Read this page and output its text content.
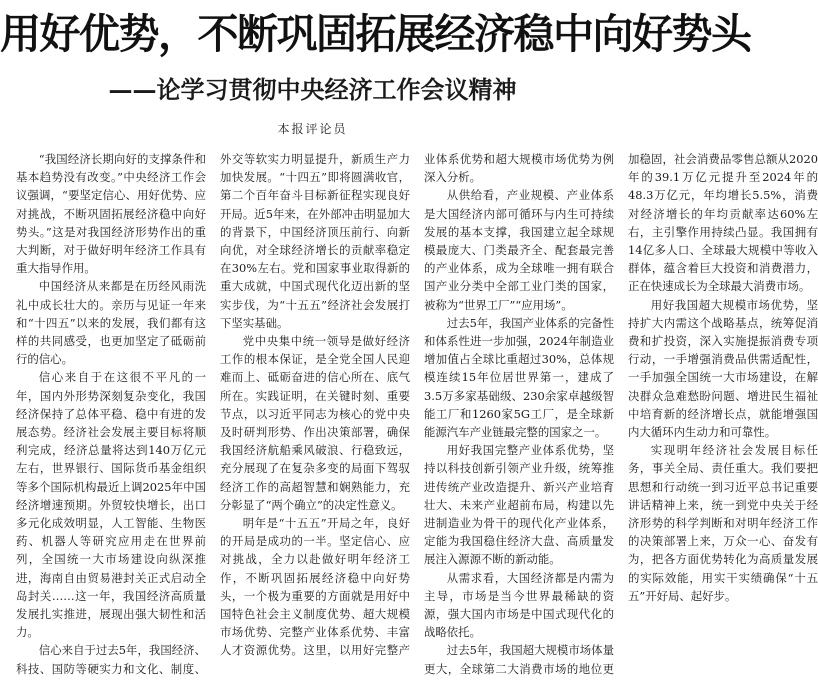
用好优势，不断巩固拓展经济稳中向好势头
——论学习贯彻中央经济工作会议精神
本报评论员

“我国经济长期向好的支撑条件和基本趋势没有改变。”中央经济工作会议强调，“要坚定信心、用好优势、应对挑战，不断巩固拓展经济稳中向好势头。”这是对我国经济形势作出的重大判断，对于做好明年经济工作具有重大指导作用。

中国经济从来都是在历经风雨洗礼中成长壮大的。亲历与见证一年来和“十四五”以来的发展，我们都有这样的共同感受，也更加坚定了砥砺前行的信心。

信心来自于在这很不平凡的一年，国内外形势深刻复杂变化，我国经济保持了总体平稳、稳中有进的发展态势。经济社会发展主要目标将顺利完成，经济总量将达到140万亿元左右，世界银行、国际货币基金组织等多个国际机构最近上调2025年中国经济增速预期。外贸较快增长，出口多元化成效明显，人工智能、生物医药、机器人等研究应用走在世界前列，全国统一大市场建设向纵深推进，海南自由贸易港封关正式启动全岛封关……这一年，我国经济高质量发展扎实推进，展现出强大韧性和活力。

信心来自于过去5年，我国经济、科技、国防等硬实力和文化、制度、外交等软实力明显提升，新质生产力加快发展。“十四五”即将圆满收官，第二个百年奋斗目标新征程实现良好开局。近5年来，在外部冲击明显加大的背景下，中国经济顶压前行、向新向优，对全球经济增长的贡献率稳定在30%左右。党和国家事业取得新的重大成就，中国式现代化迈出新的坚实步伐，为“十五五”经济社会发展打下坚实基础。

党中央集中统一领导是做好经济工作的根本保证，是全党全国人民迎难而上、砥砺奋进的信心所在、底气所在。实践证明，在关键时刻、重要节点，以习近平同志为核心的党中央及时研判形势、作出决策部署，确保我国经济航船乘风破浪、行稳致远，充分展现了在复杂多变的局面下驾驭经济工作的高超智慧和娴熟能力，充分彰显了“两个确立”的决定性意义。

明年是“十五五”开局之年，良好的开局是成功的一半。坚定信心、应对挑战，全力以赴做好明年经济工作，不断巩固拓展经济稳中向好势头，一个极为重要的方面就是用好中国特色社会主义制度优势、超大规模市场优势、完整产业体系优势、丰富人才资源优势。这里，以用好完整产业体系优势和超大规模市场优势为例深入分析。

从供给看，产业规模、产业体系是大国经济内部可循环与内生可持续发展的基本支撑，我国建立起全球规模最庞大、门类最齐全、配套最完善的产业体系，成为全球唯一拥有联合国产业分类中全部工业门类的国家，被称为“世界工厂”“应用场”。

过去5年，我国产业体系的完备性和体系性进一步加强，2024年制造业增加值占全球比重超过30%，总体规模连续15年位居世界第一，建成了3.5万多家基础级、230余家卓越级智能工厂和1260家5G工厂，是全球新能源汽车产业链最完整的国家之一。

用好我国完整产业体系优势，坚持以科技创新引领产业升级，统筹推进传统产业改造提升、新兴产业培育壮大、未来产业超前布局，构建以先进制造业为骨干的现代化产业体系，定能为我国稳住经济大盘、高质量发展注入源源不断的新动能。

从需求看，大国经济都是内需为主导，市场是当今世界最稀缺的资源，强大国内市场是中国式现代化的战略依托。

过去5年，我国超大规模市场体量更大，全球第二大消费市场的地位更加稳固，社会消费品零售总额从2020年的39.1万亿元提升至2024年的48.3万亿元，年均增长5.5%，消费对经济增长的年均贡献率达60%左右，主引擎作用持续凸显。我国拥有14亿多人口、全球最大规模中等收入群体，蕴含着巨大投资和消费潜力，正在快速成长为全球最大消费市场。

用好我国超大规模市场优势，坚持扩大内需这个战略基点，统筹促消费和扩投资，深入实施提振消费专项行动，一手增强消费品供需适配性，一手加强全国统一大市场建设，在解决群众急难愁盼问题、增进民生福祉中培育新的经济增长点，就能增强国内大循环内生动力和可靠性。

实现明年经济社会发展目标任务，事关全局、责任重大。我们要把思想和行动统一到习近平总书记重要讲话精神上来，统一到党中央关于经济形势的科学判断和对明年经济工作的决策部署上来，万众一心、奋发有为，把各方面优势转化为高质量发展的实际效能，用实干实绩确保“十五五”开好局、起好步。
